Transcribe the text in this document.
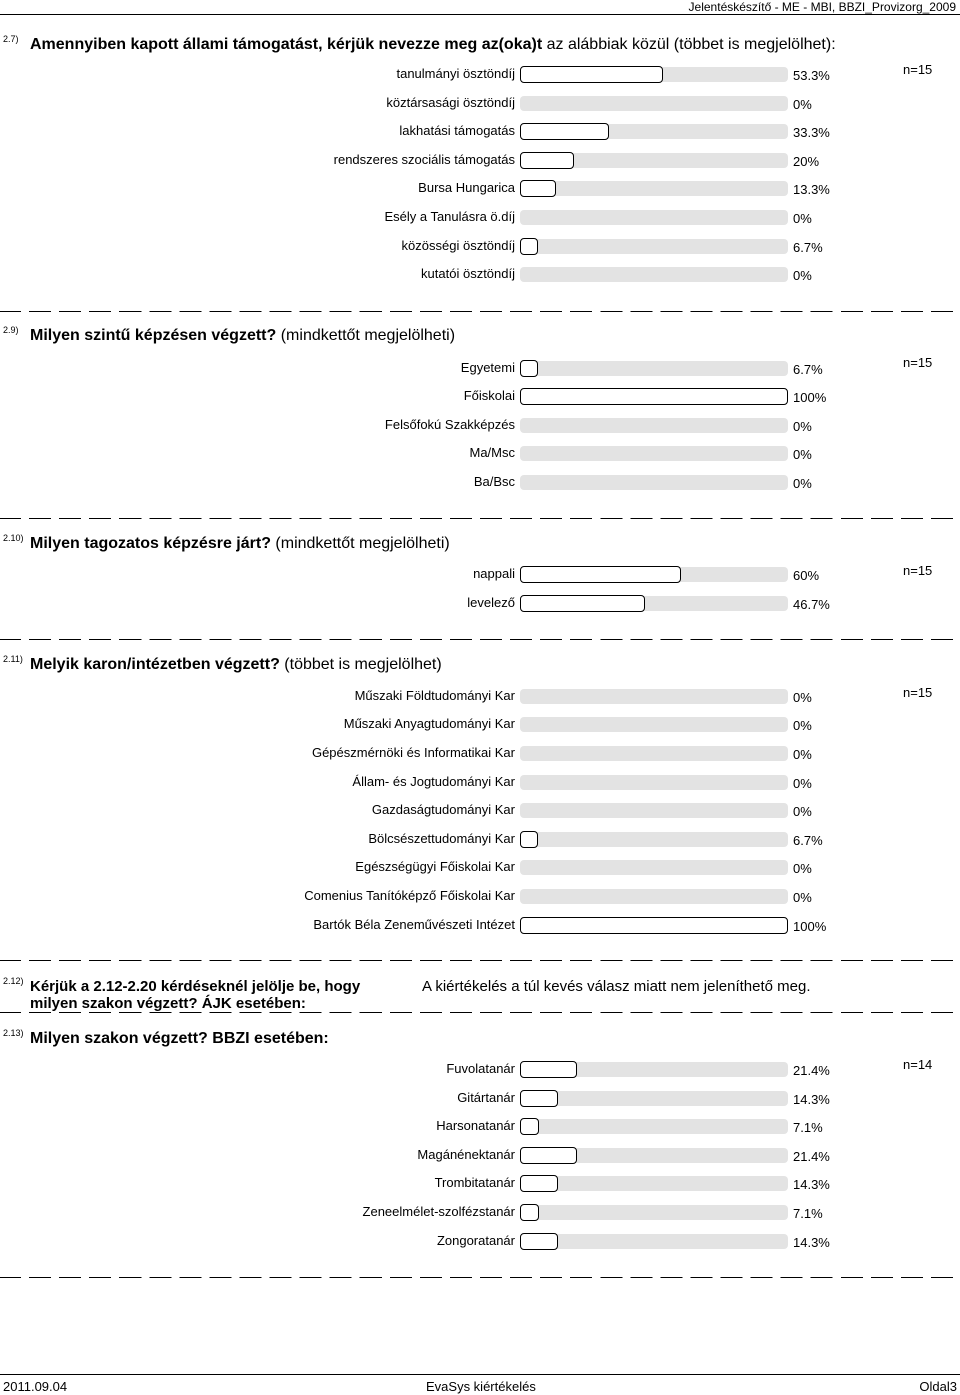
Jelentéskészítő - ME - MBI, BBZI_Provizorg_2009
2.7) Amennyiben kapott állami támogatást, kérjük nevezze meg az(oka)t az alábbiak közül (többet is megjelölhet):
n=15
tanulmányi ösztöndíj	53.3%
köztársasági ösztöndíj	0%
lakhatási támogatás	33.3%
rendszeres szociális támogatás	20%
Bursa Hungarica	13.3%
Esély a Tanulásra ö.díj	0%
közösségi ösztöndíj	6.7%
kutatói ösztöndíj	0%
2.9) Milyen szintű képzésen végzett? (mindkettőt megjelölheti)
n=15
Egyetemi	6.7%
Főiskolai	100%
Felsőfokú Szakképzés	0%
Ma/Msc	0%
Ba/Bsc	0%
2.10) Milyen tagozatos képzésre járt? (mindkettőt megjelölheti)
n=15
nappali	60%
levelező	46.7%
2.11) Melyik karon/intézetben végzett? (többet is megjelölhet)
n=15
Műszaki Földtudományi Kar	0%
Műszaki Anyagtudományi Kar	0%
Gépészmérnöki és Informatikai Kar	0%
Állam- és Jogtudományi Kar	0%
Gazdaságtudományi Kar	0%
Bölcsészettudományi Kar	6.7%
Egészségügyi Főiskolai Kar	0%
Comenius Tanítóképző Főiskolai Kar	0%
Bartók Béla Zeneművészeti Intézet	100%
2.12) Kérjük a 2.12-2.20 kérdéseknél jelölje be, hogy
milyen szakon végzett? ÁJK esetében:
A kiértékelés a túl kevés válasz miatt nem jeleníthető meg.
2.13) Milyen szakon végzett? BBZI esetében:
n=14
Fuvolatanár	21.4%
Gitártanár	14.3%
Harsonatanár	7.1%
Magánénektanár	21.4%
Trombitatanár	14.3%
Zeneelmélet-szolfézstanár	7.1%
Zongoratanár	14.3%
2011.09.04	EvaSys kiértékelés	Oldal3
